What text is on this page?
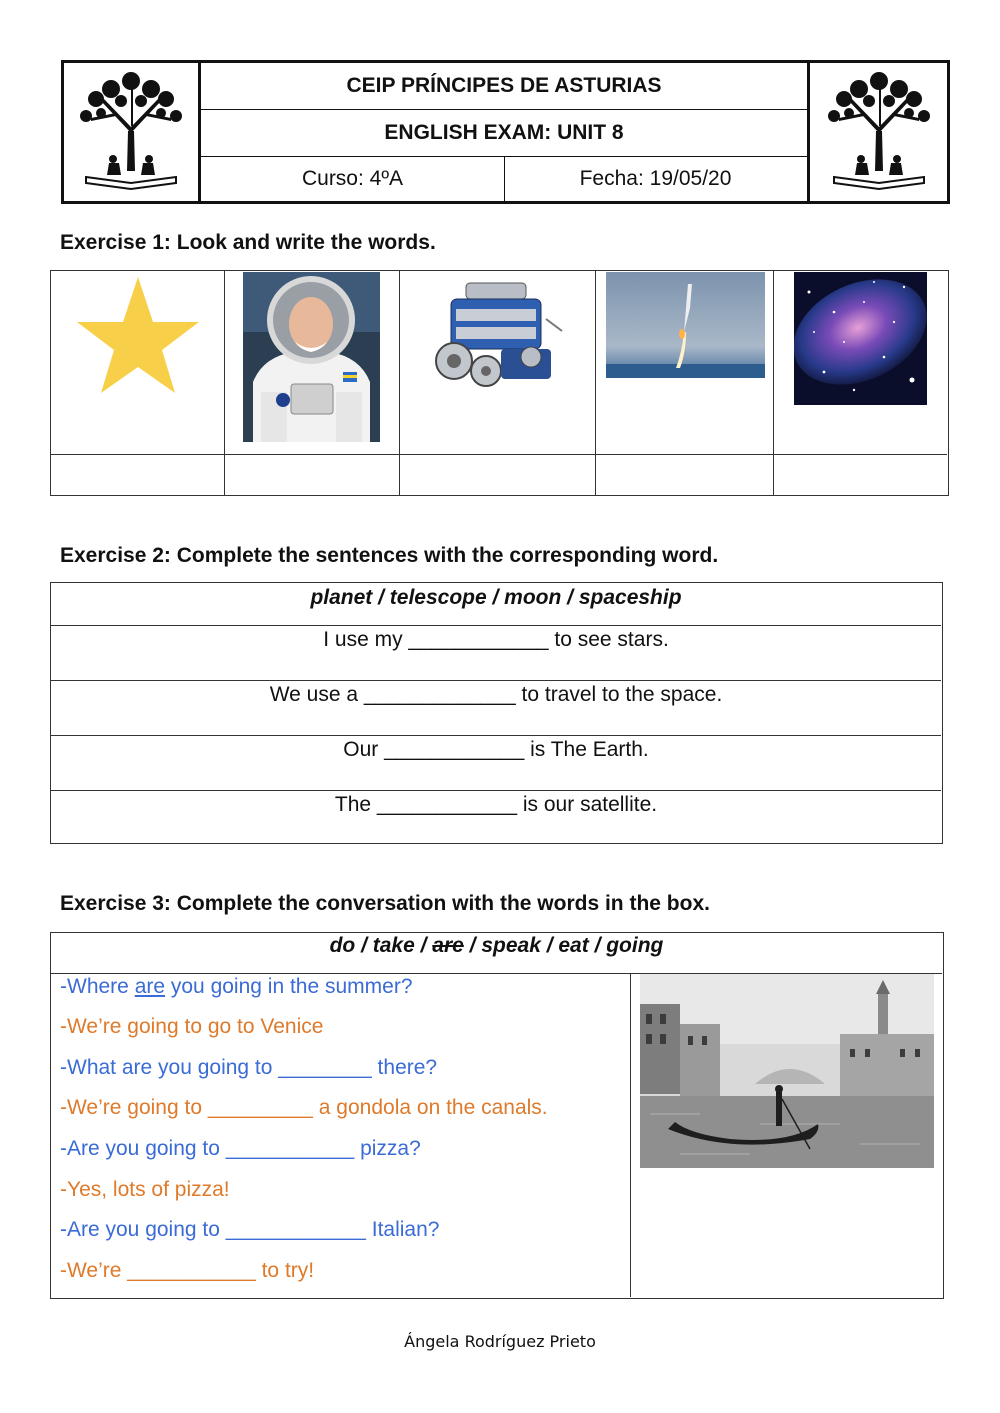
CEIP PRÍNCIPES DE ASTURIAS
ENGLISH EXAM: UNIT 8
Curso: 4ºA	Fecha: 19/05/20
Exercise 1: Look and write the words.
Exercise 2: Complete the sentences with the corresponding word.
planet / telescope / moon / spaceship
I use my ____________ to see stars.
We use a _____________ to travel to the space.
Our ____________ is The Earth.
The ____________ is our satellite.
Exercise 3: Complete the conversation with the words in the box.
do / take / are / speak / eat / going
-Where are you going in the summer?
-We’re going to go to Venice
-What are you going to ________ there?
-We’re going to _________ a gondola on the canals.
-Are you going to ___________ pizza?
-Yes, lots of pizza!
-Are you going to ____________ Italian?
-We’re ___________ to try!
Ángela Rodríguez Prieto
